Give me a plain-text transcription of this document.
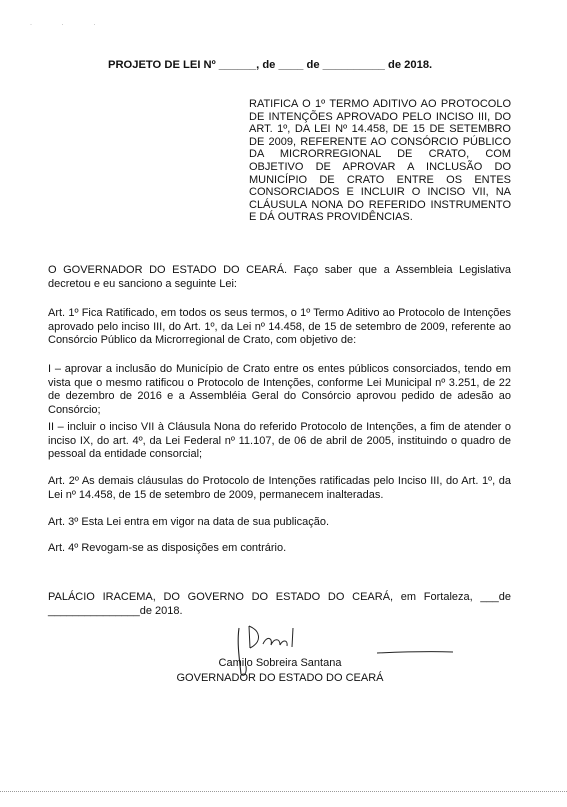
· · ·
PROJETO DE LEI Nº ______, de ____ de __________ de 2018.
RATIFICA O 1º TERMO ADITIVO AO PROTOCOLO DE INTENÇÕES APROVADO PELO INCISO III, DO ART. 1º, DA LEI Nº 14.458, DE 15 DE SETEMBRO DE 2009, REFERENTE AO CONSÓRCIO PÚBLICO DA MICRORREGIONAL DE CRATO, COM OBJETIVO DE APROVAR A INCLUSÃO DO MUNICÍPIO DE CRATO ENTRE OS ENTES CONSORCIADOS E INCLUIR O INCISO VII, NA CLÁUSULA NONA DO REFERIDO INSTRUMENTO E DÁ OUTRAS PROVIDÊNCIAS.

O GOVERNADOR DO ESTADO DO CEARÁ. Faço saber que a Assembleia Legislativa decretou e eu sanciono a seguinte Lei:

Art. 1º Fica Ratificado, em todos os seus termos, o 1º Termo Aditivo ao Protocolo de Intenções aprovado pelo inciso III, do Art. 1º, da Lei nº 14.458, de 15 de setembro de 2009, referente ao Consórcio Público da Microrregional de Crato, com objetivo de:

I – aprovar a inclusão do Município de Crato entre os entes públicos consorciados, tendo em vista que o mesmo ratificou o Protocolo de Intenções, conforme Lei Municipal nº 3.251, de 22 de dezembro de 2016 e a Assembléia Geral do Consórcio aprovou pedido de adesão ao Consórcio;

II – incluir o inciso VII à Cláusula Nona do referido Protocolo de Intenções, a fim de atender o inciso IX, do art. 4º, da Lei Federal nº 11.107, de 06 de abril de 2005, instituindo o quadro de pessoal da entidade consorcial;

Art. 2º As demais cláusulas do Protocolo de Intenções ratificadas pelo Inciso III, do Art. 1º, da Lei nº 14.458, de 15 de setembro de 2009, permanecem inalteradas.

Art. 3º Esta Lei entra em vigor na data de sua publicação.

Art. 4º Revogam-se as disposições em contrário.

PALÁCIO IRACEMA, DO GOVERNO DO ESTADO DO CEARÁ, em Fortaleza, ___de _______________de 2018.

Camilo Sobreira Santana
GOVERNADOR DO ESTADO DO CEARÁ
